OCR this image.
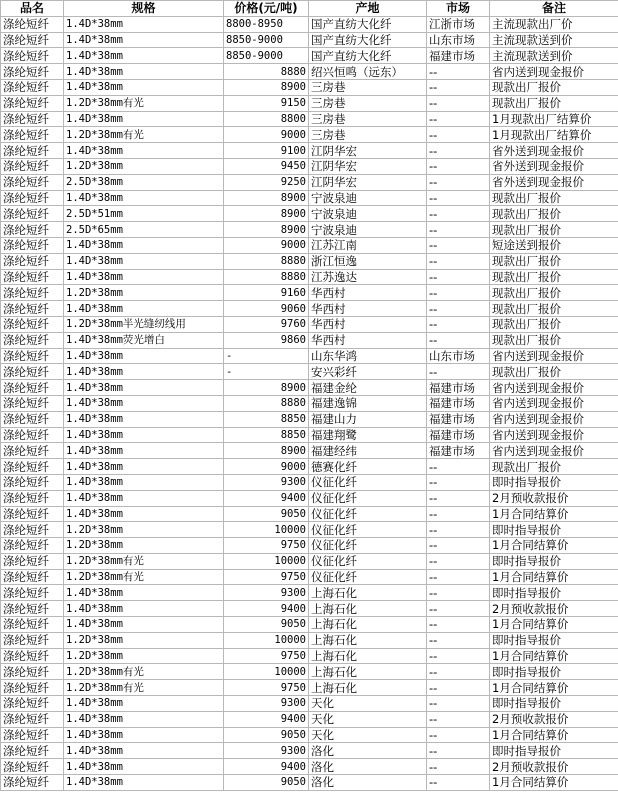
品名	规格	价格(元/吨)	产地	市场	备注
涤纶短纤	1.4D*38mm	8800-8950	国产直纺大化纤	江浙市场	主流现款出厂价
涤纶短纤	1.4D*38mm	8850-9000	国产直纺大化纤	山东市场	主流现款送到价
涤纶短纤	1.4D*38mm	8850-9000	国产直纺大化纤	福建市场	主流现款送到价
涤纶短纤	1.4D*38mm	8880	绍兴恒鸣（远东）	--	省内送到现金报价
涤纶短纤	1.4D*38mm	8900	三房巷	--	现款出厂报价
涤纶短纤	1.2D*38mm有光	9150	三房巷	--	现款出厂报价
涤纶短纤	1.4D*38mm	8800	三房巷	--	1月现款出厂结算价
涤纶短纤	1.2D*38mm有光	9000	三房巷	--	1月现款出厂结算价
涤纶短纤	1.4D*38mm	9100	江阴华宏	--	省外送到现金报价
涤纶短纤	1.2D*38mm	9450	江阴华宏	--	省外送到现金报价
涤纶短纤	2.5D*38mm	9250	江阴华宏	--	省外送到现金报价
涤纶短纤	1.4D*38mm	8900	宁波泉迪	--	现款出厂报价
涤纶短纤	2.5D*51mm	8900	宁波泉迪	--	现款出厂报价
涤纶短纤	2.5D*65mm	8900	宁波泉迪	--	现款出厂报价
涤纶短纤	1.4D*38mm	9000	江苏江南	--	短途送到报价
涤纶短纤	1.4D*38mm	8880	浙江恒逸	--	现款出厂报价
涤纶短纤	1.4D*38mm	8880	江苏逸达	--	现款出厂报价
涤纶短纤	1.2D*38mm	9160	华西村	--	现款出厂报价
涤纶短纤	1.4D*38mm	9060	华西村	--	现款出厂报价
涤纶短纤	1.2D*38mm半光缝纫线用	9760	华西村	--	现款出厂报价
涤纶短纤	1.4D*38mm荧光增白	9860	华西村	--	现款出厂报价
涤纶短纤	1.4D*38mm	-	山东华鸿	山东市场	省内送到现金报价
涤纶短纤	1.4D*38mm	-	安兴彩纤	--	现款出厂报价
涤纶短纤	1.4D*38mm	8900	福建金纶	福建市场	省内送到现金报价
涤纶短纤	1.4D*38mm	8880	福建逸锦	福建市场	省内送到现金报价
涤纶短纤	1.4D*38mm	8850	福建山力	福建市场	省内送到现金报价
涤纶短纤	1.4D*38mm	8850	福建翔鹭	福建市场	省内送到现金报价
涤纶短纤	1.4D*38mm	8900	福建经纬	福建市场	省内送到现金报价
涤纶短纤	1.4D*38mm	9000	德赛化纤	--	现款出厂报价
涤纶短纤	1.4D*38mm	9300	仪征化纤	--	即时指导报价
涤纶短纤	1.4D*38mm	9400	仪征化纤	--	2月预收款报价
涤纶短纤	1.4D*38mm	9050	仪征化纤	--	1月合同结算价
涤纶短纤	1.2D*38mm	10000	仪征化纤	--	即时指导报价
涤纶短纤	1.2D*38mm	9750	仪征化纤	--	1月合同结算价
涤纶短纤	1.2D*38mm有光	10000	仪征化纤	--	即时指导报价
涤纶短纤	1.2D*38mm有光	9750	仪征化纤	--	1月合同结算价
涤纶短纤	1.4D*38mm	9300	上海石化	--	即时指导报价
涤纶短纤	1.4D*38mm	9400	上海石化	--	2月预收款报价
涤纶短纤	1.4D*38mm	9050	上海石化	--	1月合同结算价
涤纶短纤	1.2D*38mm	10000	上海石化	--	即时指导报价
涤纶短纤	1.2D*38mm	9750	上海石化	--	1月合同结算价
涤纶短纤	1.2D*38mm有光	10000	上海石化	--	即时指导报价
涤纶短纤	1.2D*38mm有光	9750	上海石化	--	1月合同结算价
涤纶短纤	1.4D*38mm	9300	天化	--	即时指导报价
涤纶短纤	1.4D*38mm	9400	天化	--	2月预收款报价
涤纶短纤	1.4D*38mm	9050	天化	--	1月合同结算价
涤纶短纤	1.4D*38mm	9300	洛化	--	即时指导报价
涤纶短纤	1.4D*38mm	9400	洛化	--	2月预收款报价
涤纶短纤	1.4D*38mm	9050	洛化	--	1月合同结算价
